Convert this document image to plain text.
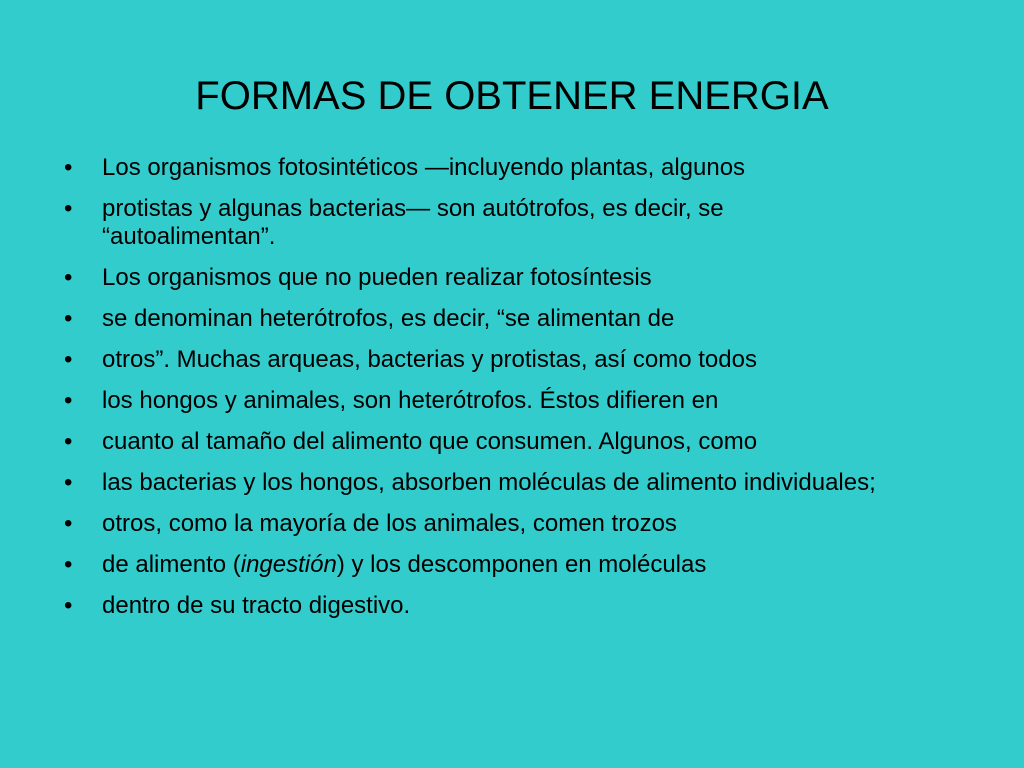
FORMAS DE OBTENER ENERGIA
• Los organismos fotosintéticos —incluyendo plantas, algunos
• protistas y algunas bacterias— son autótrofos, es decir, se “autoalimentan”.
• Los organismos que no pueden realizar fotosíntesis
• se denominan heterótrofos, es decir, “se alimentan de
• otros”. Muchas arqueas, bacterias y protistas, así como todos
• los hongos y animales, son heterótrofos. Éstos difieren en
• cuanto al tamaño del alimento que consumen. Algunos, como
• las bacterias y los hongos, absorben moléculas de alimento individuales;
• otros, como la mayoría de los animales, comen trozos
• de alimento (ingestión) y los descomponen en moléculas
• dentro de su tracto digestivo.
